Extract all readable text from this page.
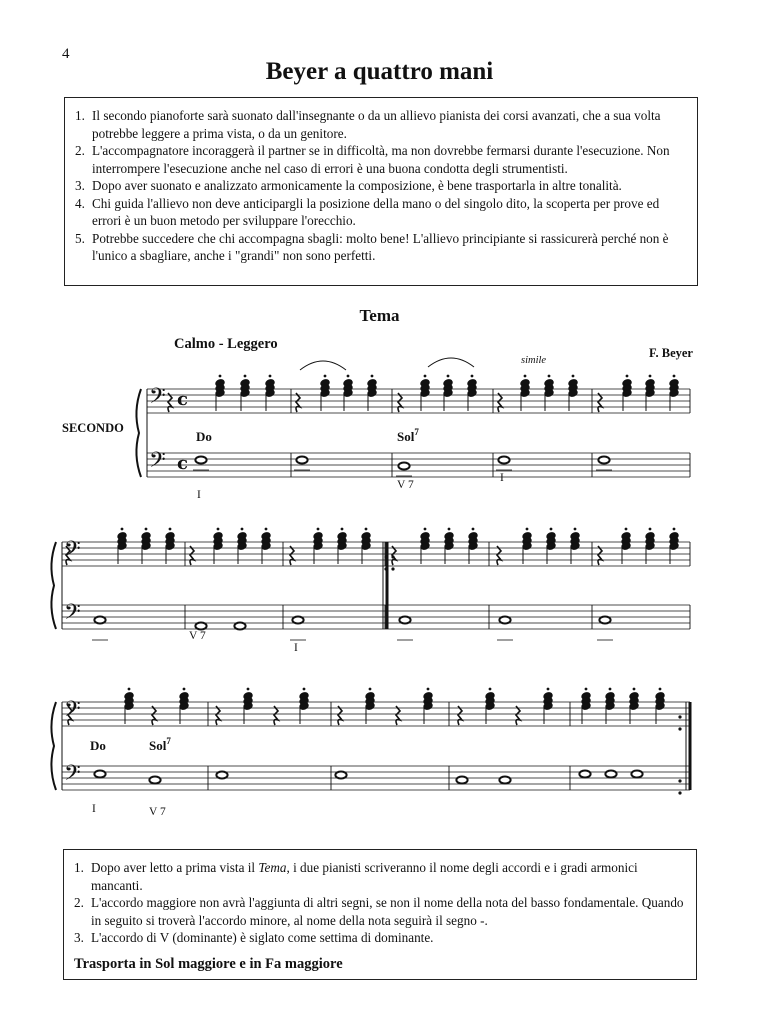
4
Beyer a quattro mani
1. Il secondo pianoforte sarà suonato dall'insegnante o da un allievo pianista dei corsi avanzati, che a sua volta potrebbe leggere a prima vista, o da un genitore.
2. L'accompagnatore incoraggerà il partner se in difficoltà, ma non dovrebbe fermarsi durante l'esecuzione. Non interrompere l'esecuzione anche nel caso di errori è una buona condotta degli strumentisti.
3. Dopo aver suonato e analizzato armonicamente la composizione, è bene trasportarla in altre tonalità.
4. Chi guida l'allievo non deve anticipargli la posizione della mano o del singolo dito, la scoperta per prove ed errori è un buon metodo per sviluppare l'orecchio.
5. Potrebbe succedere che chi accompagna sbagli: molto bene! L'allievo principiante si rassicurerà perché non è l'unico a sbagliare, anche i "grandi" non sono perfetti.
Tema
Calmo - Leggero
F. Beyer
SECONDO
simile
Do	Sol$^7$
Do	Sol$^7$
I
V 7
I
V 7
I
I	V 7
𝄢
𝄢
c
c
𝄢
𝄢
𝄢
𝄢
1. Dopo aver letto a prima vista il Tema, i due pianisti scriveranno il nome degli accordi e i gradi armonici mancanti.
2. L'accordo maggiore non avrà l'aggiunta di altri segni, se non il nome della nota del basso fondamentale. Quando in seguito si troverà l'accordo minore, al nome della nota seguirà il segno -.
3. L'accordo di V (dominante) è siglato come settima di dominante.
Trasporta in Sol maggiore e in Fa maggiore
